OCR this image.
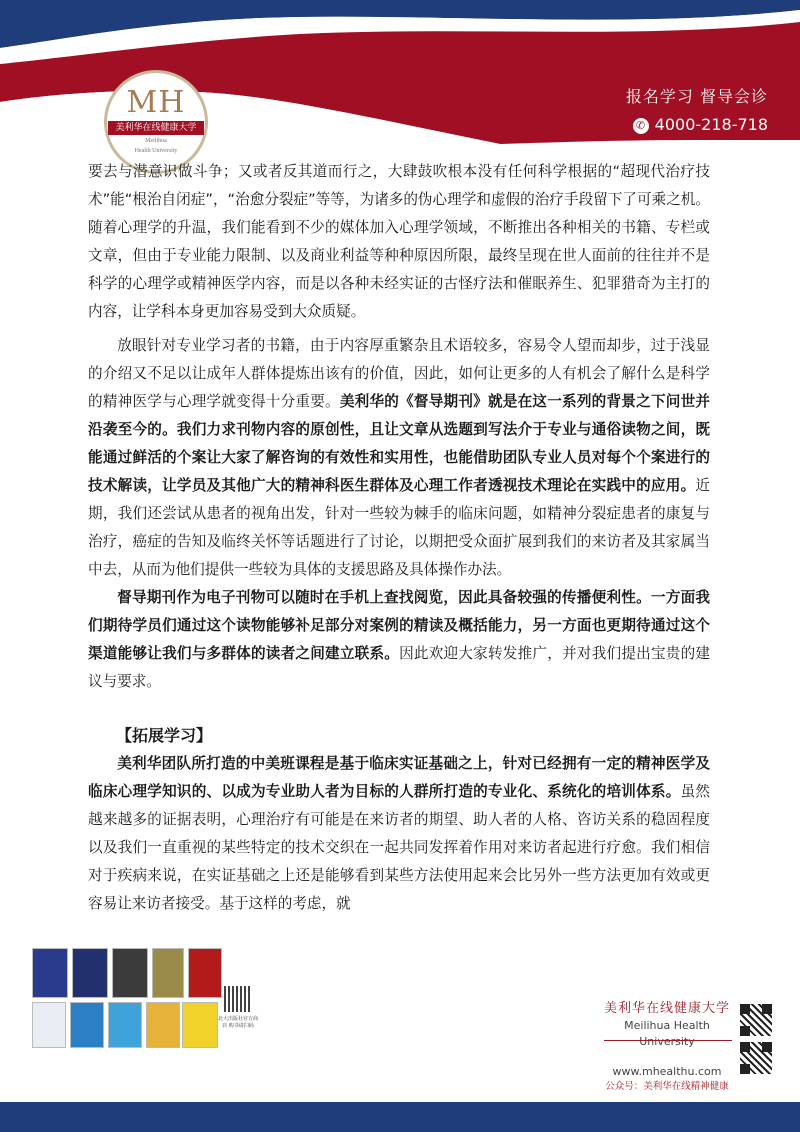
MH
美利华在线健康大学
Meilihua
Health University
报名学习 督导会诊
✆ 4000-218-718

要去与潜意识做斗争；又或者反其道而行之，大肆鼓吹根本没有任何科学根据的“超现代治疗技术”能“根治自闭症”，“治愈分裂症”等等，为诸多的伪心理学和虚假的治疗手段留下了可乘之机。随着心理学的升温，我们能看到不少的媒体加入心理学领域，不断推出各种相关的书籍、专栏或文章，但由于专业能力限制、以及商业利益等种种原因所限，最终呈现在世人面前的往往并不是科学的心理学或精神医学内容，而是以各种未经实证的古怪疗法和催眠养生、犯罪猎奇为主打的内容，让学科本身更加容易受到大众质疑。

放眼针对专业学习者的书籍，由于内容厚重繁杂且术语较多，容易令人望而却步，过于浅显的介绍又不足以让成年人群体提炼出该有的价值，因此，如何让更多的人有机会了解什么是科学的精神医学与心理学就变得十分重要。美利华的《督导期刊》就是在这一系列的背景之下问世并沿袭至今的。我们力求刊物内容的原创性，且让文章从选题到写法介于专业与通俗读物之间，既能通过鲜活的个案让大家了解咨询的有效性和实用性，也能借助团队专业人员对每个个案进行的技术解读，让学员及其他广大的精神科医生群体及心理工作者透视技术理论在实践中的应用。近期，我们还尝试从患者的视角出发，针对一些较为棘手的临床问题，如精神分裂症患者的康复与治疗，癌症的告知及临终关怀等话题进行了讨论，以期把受众面扩展到我们的来访者及其家属当中去，从而为他们提供一些较为具体的支援思路及具体操作办法。

督导期刊作为电子刊物可以随时在手机上查找阅览，因此具备较强的传播便利性。一方面我们期待学员们通过这个读物能够补足部分对案例的精读及概括能力，另一方面也更期待通过这个渠道能够让我们与多群体的读者之间建立联系。因此欢迎大家转发推广，并对我们提出宝贵的建议与要求。

【拓展学习】

美利华团队所打造的中美班课程是基于临床实证基础之上，针对已经拥有一定的精神医学及临床心理学知识的、以成为专业助人者为目标的人群所打造的专业化、系统化的培训体系。虽然越来越多的证据表明，心理治疗有可能是在来访者的期望、助人者的人格、咨访关系的稳固程度以及我们一直重视的某些特定的技术交织在一起共同发挥着作用对来访者起进行疗愈。我们相信对于疾病来说，在实证基础之上还是能够看到某些方法使用起来会比另外一些方法更加有效或更容易让来访者接受。基于这样的考虑，就

北大出版社官方商店 购书请扫码
美利华在线健康大学
Meilihua Health University
www.mhealthu.com
公众号：美利华在线精神健康
